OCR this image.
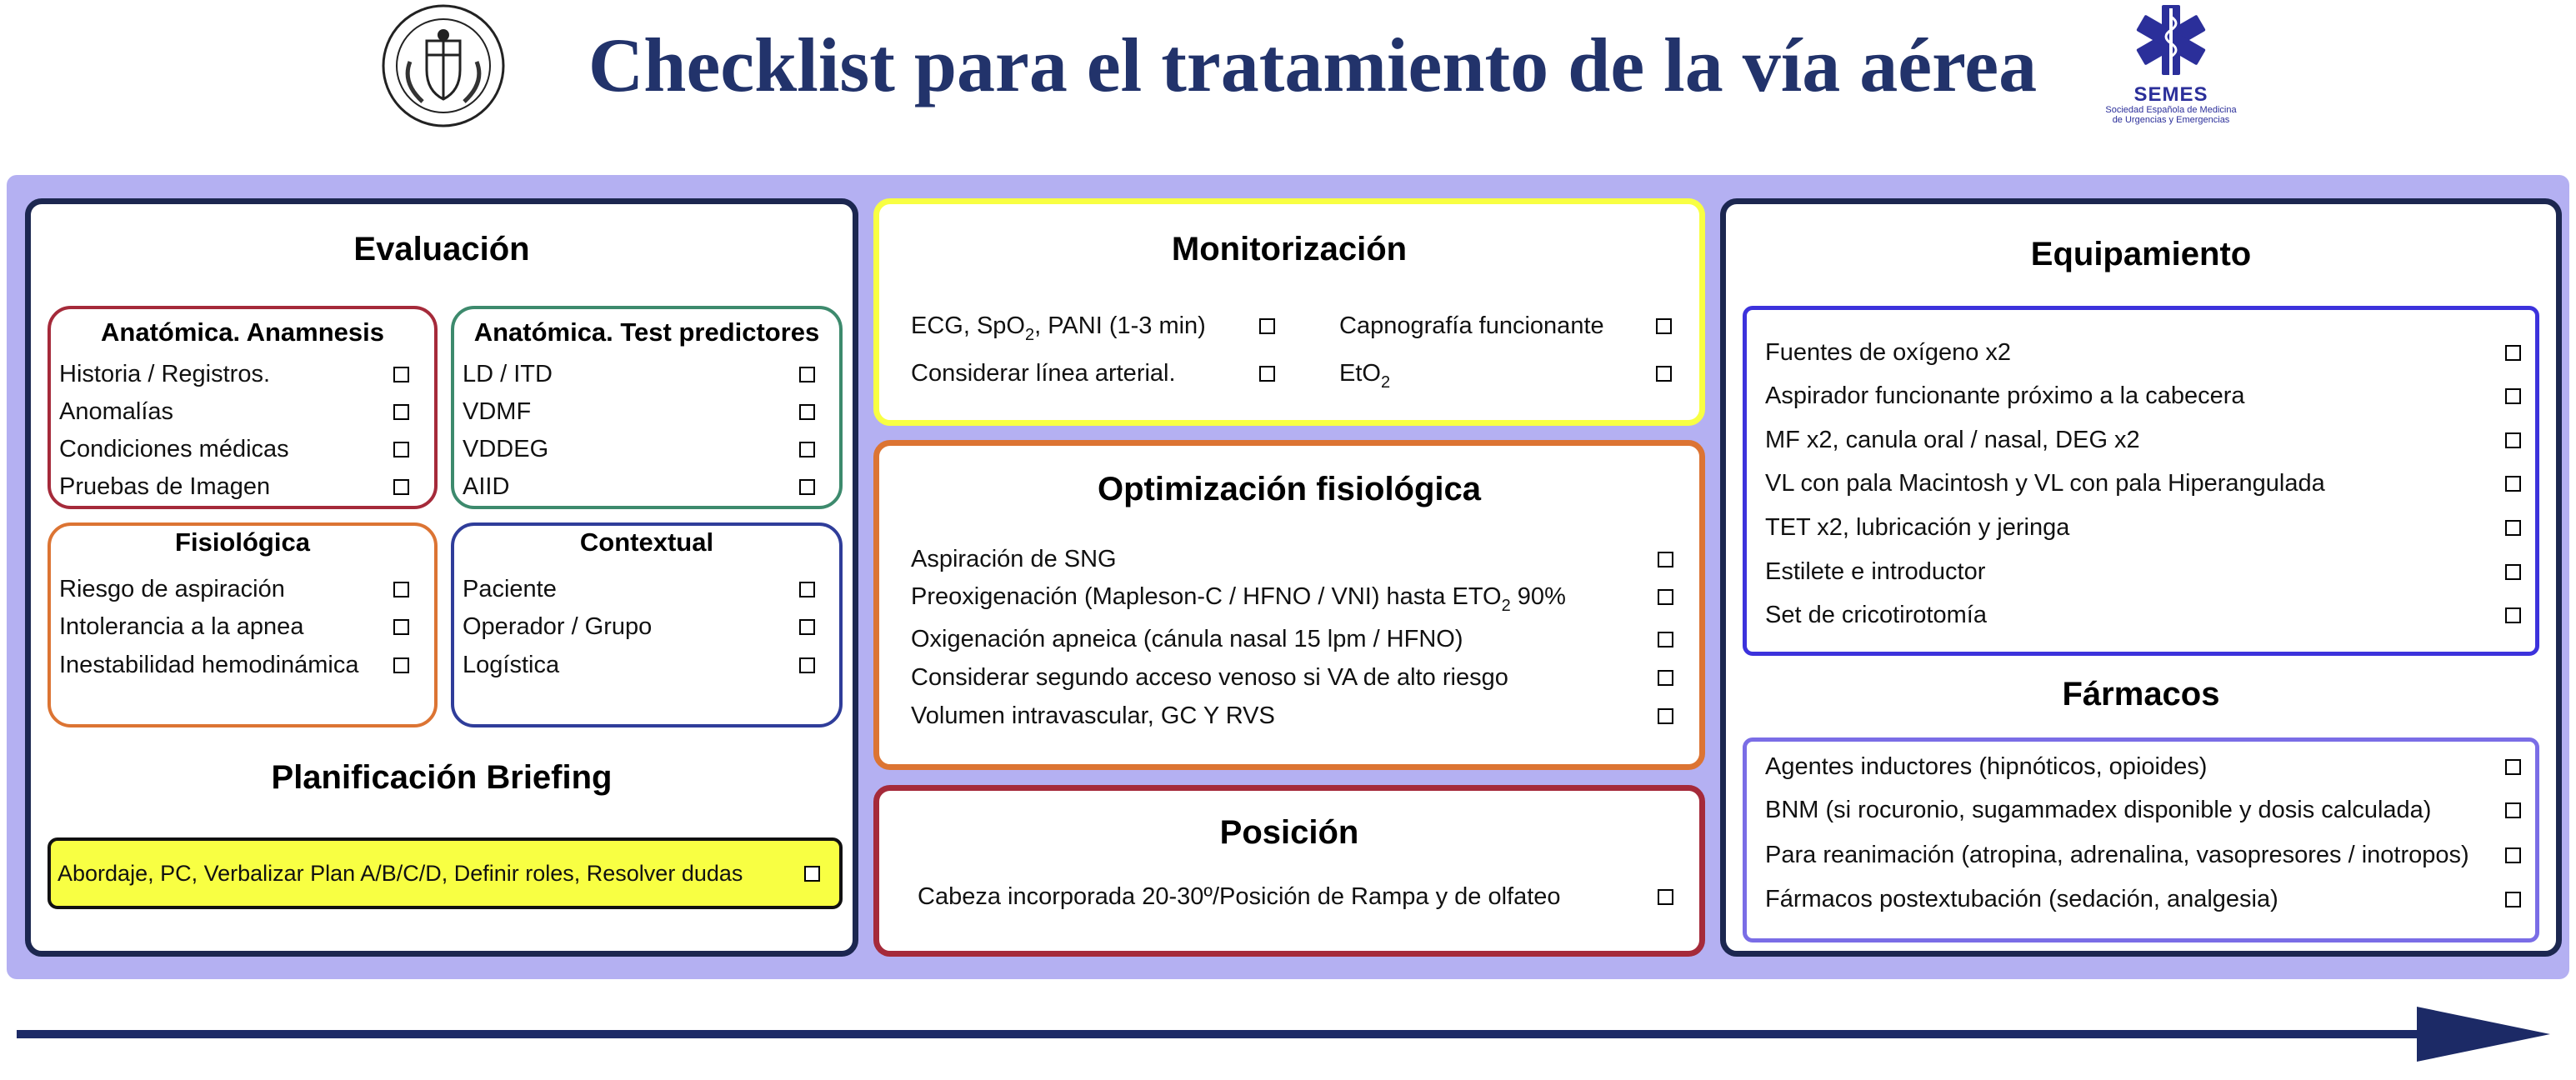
Checklist para el tratamiento de la vía aérea	SEMES
Sociedad Española de Medicina de Urgencias y Emergencias
Evaluación
Anatómica. Anamnesis
Historia / Registros.
Anomalías
Condiciones médicas
Pruebas de Imagen
Anatómica. Test predictores
LD / ITD
VDMF
VDDEG
AIID
Fisiológica
Riesgo de aspiración
Intolerancia a la apnea
Inestabilidad hemodinámica
Contextual
Paciente
Operador / Grupo
Logística
Planificación Briefing
Abordaje, PC, Verbalizar Plan A/B/C/D, Definir roles, Resolver dudas
Monitorización
ECG, SpO$_2$, PANI (1-3 min)
Considerar línea arterial.
Capnografía funcionante
EtO$_2$
Optimización fisiológica
Aspiración de SNG
Preoxigenación (Mapleson-C / HFNO / VNI) hasta $ETO_2$ 90%
Oxigenación apneica (cánula nasal 15 lpm / HFNO)
Considerar segundo acceso venoso si VA de alto riesgo
Volumen intravascular, GC Y RVS
Posición
Cabeza incorporada 20-30º/Posición de Rampa y de olfateo
Equipamiento
Fuentes de oxígeno x2
Aspirador funcionante próximo a la cabecera
MF x2, canula oral / nasal, DEG x2
VL con pala Macintosh y VL con pala Hiperangulada
TET x2, lubricación y jeringa
Estilete e introductor
Set de cricotirotomía
Fármacos
Agentes inductores (hipnóticos, opioides)
BNM (si rocuronio, sugammadex disponible y dosis calculada)
Para reanimación (atropina, adrenalina, vasopresores / inotropos)
Fármacos postextubación (sedación, analgesia)
